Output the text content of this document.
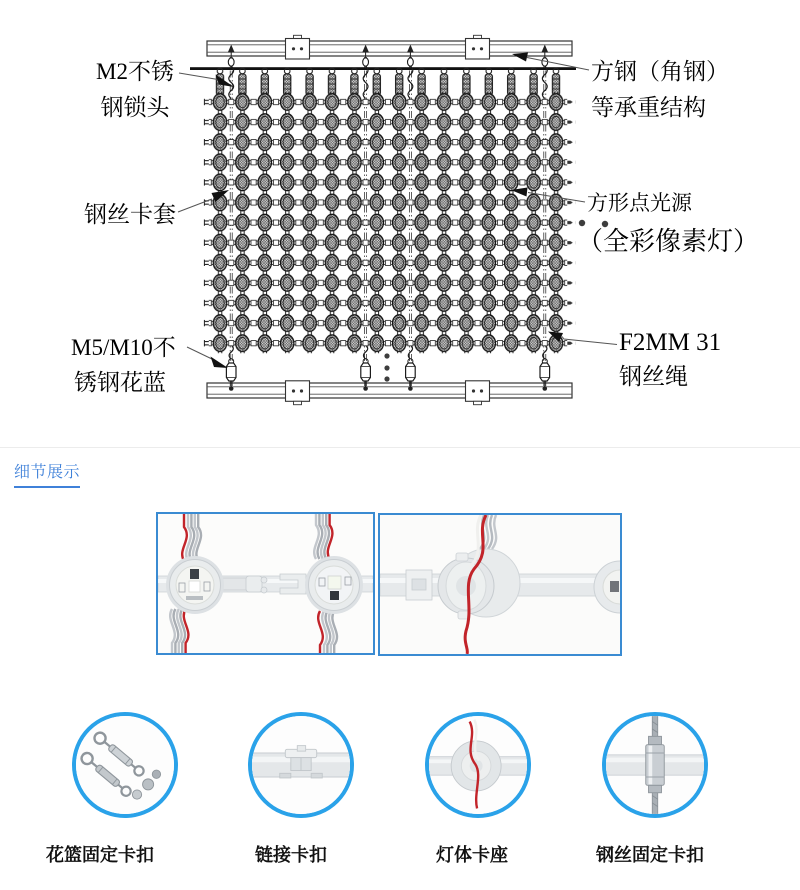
M2不锈
钢锁头
钢丝卡套
M5/M10不
锈钢花蓝
方钢（角钢）
等承重结构
方形点光源
（全彩像素灯）
F2MM 31
钢丝绳
细节展示
花篮固定卡扣	链接卡扣	灯体卡座	钢丝固定卡扣
